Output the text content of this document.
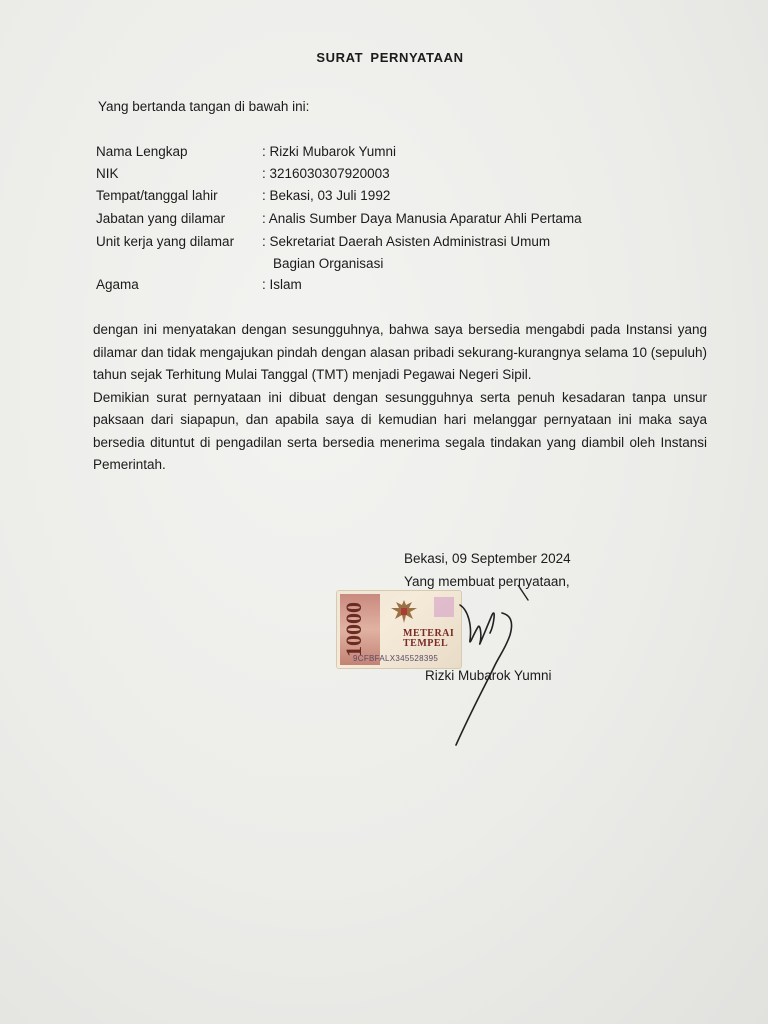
SURAT PERNYATAAN
Yang bertanda tangan di bawah ini:
Nama Lengkap	: Rizki Mubarok Yumni
NIK	: 3216030307920003
Tempat/tanggal lahir	: Bekasi, 03 Juli 1992
Jabatan yang dilamar	: Analis Sumber Daya Manusia Aparatur Ahli Pertama
Unit kerja yang dilamar : Sekretariat Daerah Asisten Administrasi Umum
Bagian Organisasi
Agama	: Islam

dengan ini menyatakan dengan sesungguhnya, bahwa saya bersedia mengabdi pada Instansi yang dilamar dan tidak mengajukan pindah dengan alasan pribadi sekurang-kurangnya selama 10 (sepuluh) tahun sejak Terhitung Mulai Tanggal (TMT) menjadi Pegawai Negeri Sipil.

Demikian surat pernyataan ini dibuat dengan sesungguhnya serta penuh kesadaran tanpa unsur paksaan dari siapapun, dan apabila saya di kemudian hari melanggar pernyataan ini maka saya bersedia dituntut di pengadilan serta bersedia menerima segala tindakan yang diambil oleh Instansi Pemerintah.

Bekasi, 09 September 2024
Yang membuat pernyataan,
10000	METERAI
TEMPEL
9CFBFALX345528395
Rizki Mubarok Yumni
